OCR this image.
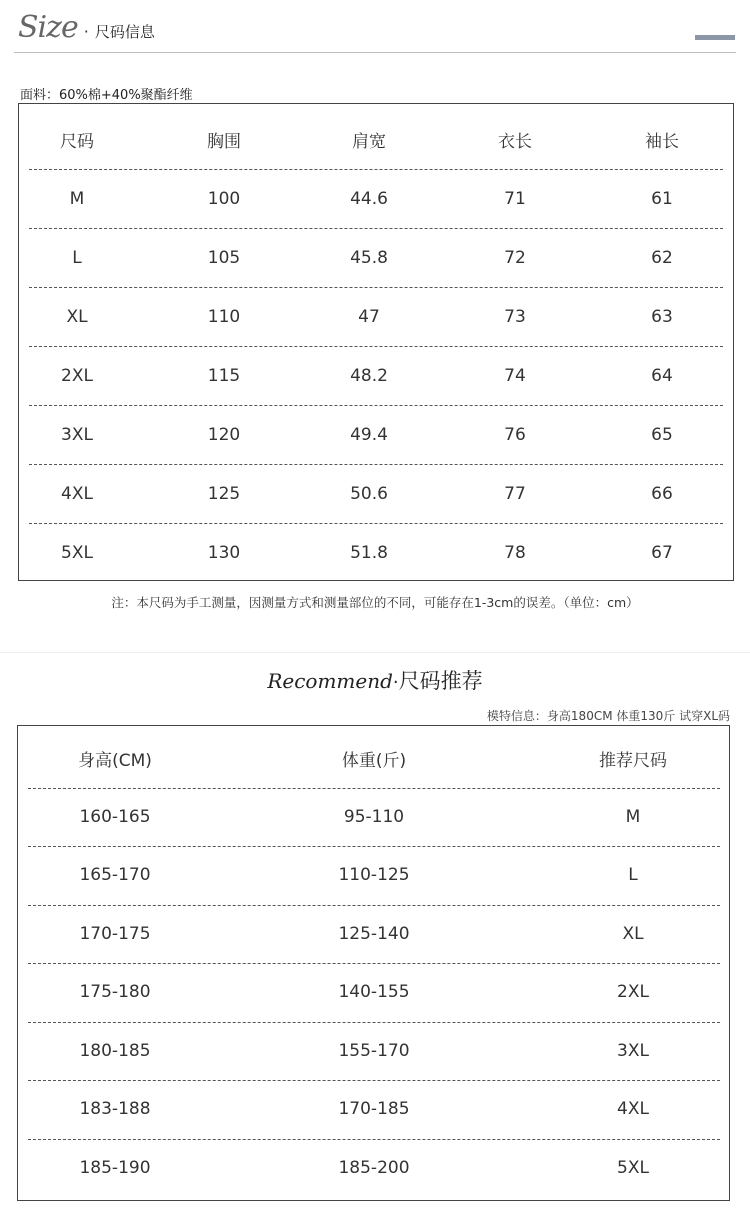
Size · 尺码信息
面料：60%棉+40%聚酯纤维
尺码	胸围	肩宽	衣长	袖长
M	100	44.6	71	61
L	105	45.8	72	62
XL	110	47	73	63
2XL	115	48.2	74	64
3XL	120	49.4	76	65
4XL	125	50.6	77	66
5XL	130	51.8	78	67
注：本尺码为手工测量，因测量方式和测量部位的不同，可能存在1-3cm的误差。（单位：cm）
Recommend·尺码推荐
模特信息：身高180CM 体重130斤 试穿XL码
身高(CM)	体重(斤)	推荐尺码
160-165	95-110	M
165-170	110-125	L
170-175	125-140	XL
175-180	140-155	2XL
180-185	155-170	3XL
183-188	170-185	4XL
185-190	185-200	5XL
